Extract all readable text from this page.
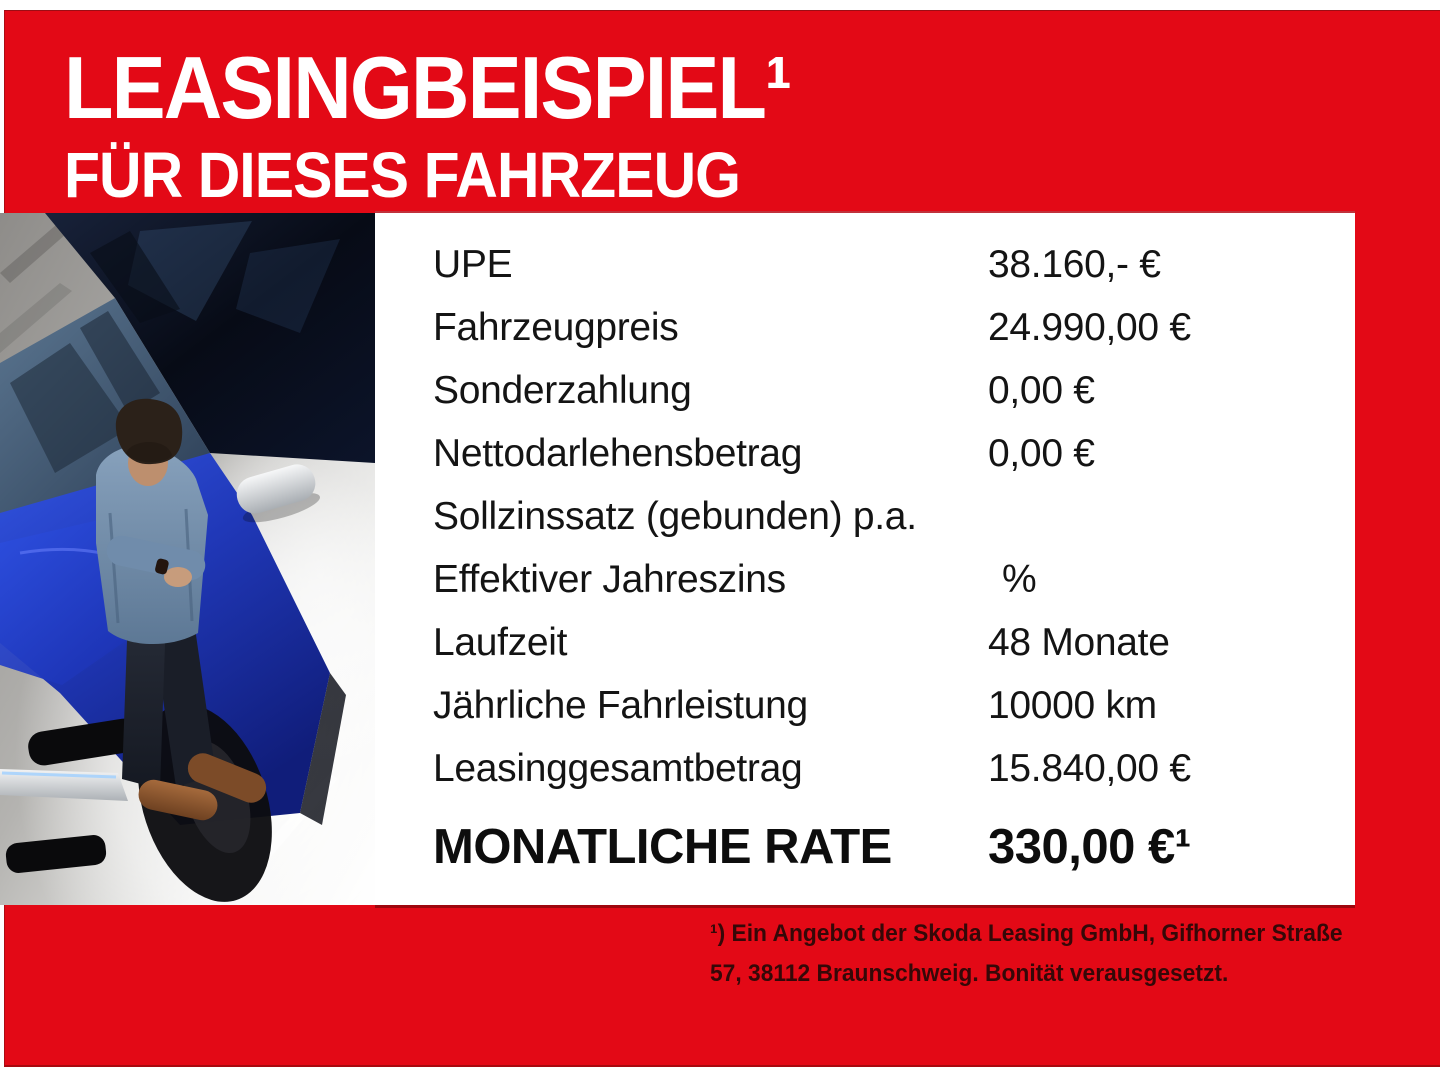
LEASINGBEISPIEL¹
FÜR DIESES FAHRZEUG
UPE	38.160,- €
Fahrzeugpreis	24.990,00 €
Sonderzahlung	0,00 €
Nettodarlehensbetrag	0,00 €
Sollzinssatz (gebunden) p.a.
Effektiver Jahreszins	%
Laufzeit	48 Monate
Jährliche Fahrleistung	10000 km
Leasinggesamtbetrag	15.840,00 €
MONATLICHE RATE	330,00 €¹
¹) Ein Angebot der Skoda Leasing GmbH, Gifhorner Straße
57, 38112 Braunschweig. Bonität verausgesetzt.
